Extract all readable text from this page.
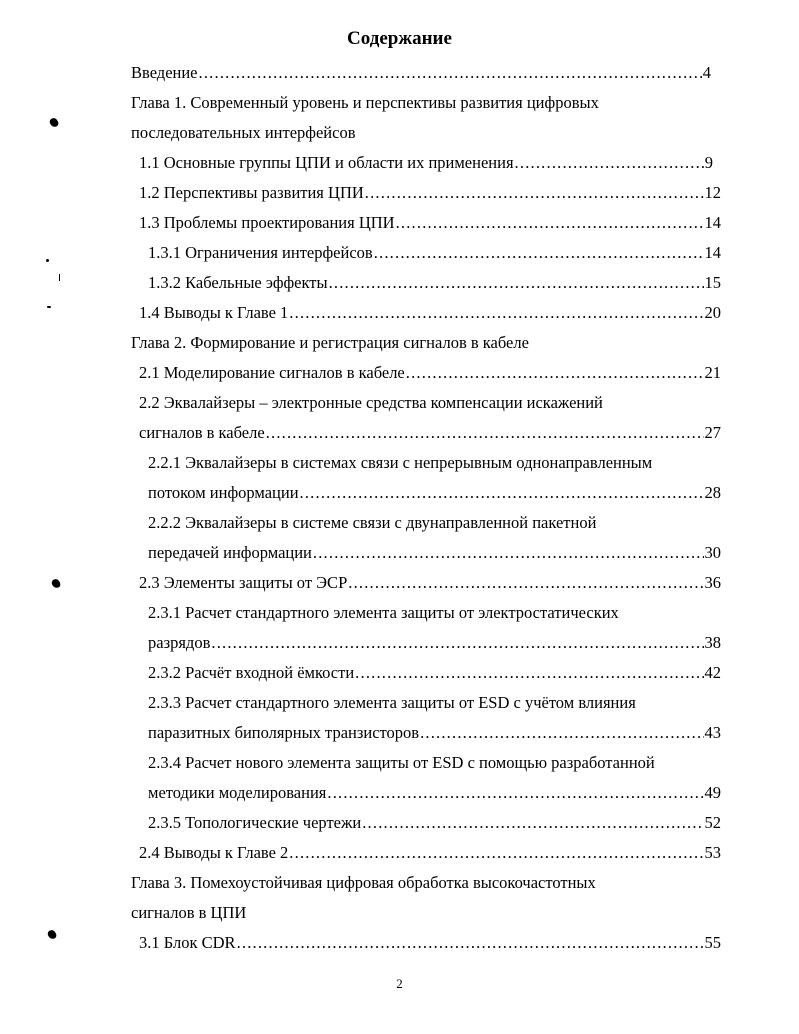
Содержание
Введение .....	4
Глава 1. Современный уровень и перспективы развития цифровых
последовательных интерфейсов
1.1 Основные группы ЦПИ и области их применения .....	9
1.2 Перспективы развития ЦПИ .....	12
1.3 Проблемы проектирования ЦПИ .....	14
1.3.1 Ограничения интерфейсов .....	14
1.3.2 Кабельные эффекты .....	15
1.4 Выводы к Главе 1 .....	20
Глава 2. Формирование и регистрация сигналов в кабеле
2.1 Моделирование сигналов в кабеле .....	21
2.2 Эквалайзеры – электронные средства компенсации искажений
сигналов в кабеле .....	27
2.2.1 Эквалайзеры в системах связи с непрерывным однонаправленным
потоком информации .....	28
2.2.2 Эквалайзеры в системе связи с двунаправленной пакетной
передачей информации .....	30
2.3 Элементы защиты от ЭСР .....	36
2.3.1 Расчет стандартного элемента защиты от электростатических
разрядов .....	38
2.3.2 Расчёт входной ёмкости .....	42
2.3.3 Расчет стандартного элемента защиты от ESD с учётом влияния
паразитных биполярных транзисторов .....	43
2.3.4 Расчет нового элемента защиты от ESD с помощью разработанной
методики моделирования .....	49
2.3.5 Топологические чертежи .....	52
2.4 Выводы к Главе 2 .....	53
Глава 3. Помехоустойчивая цифровая обработка высокочастотных
сигналов в ЦПИ
3.1 Блок CDR .....	55
2
